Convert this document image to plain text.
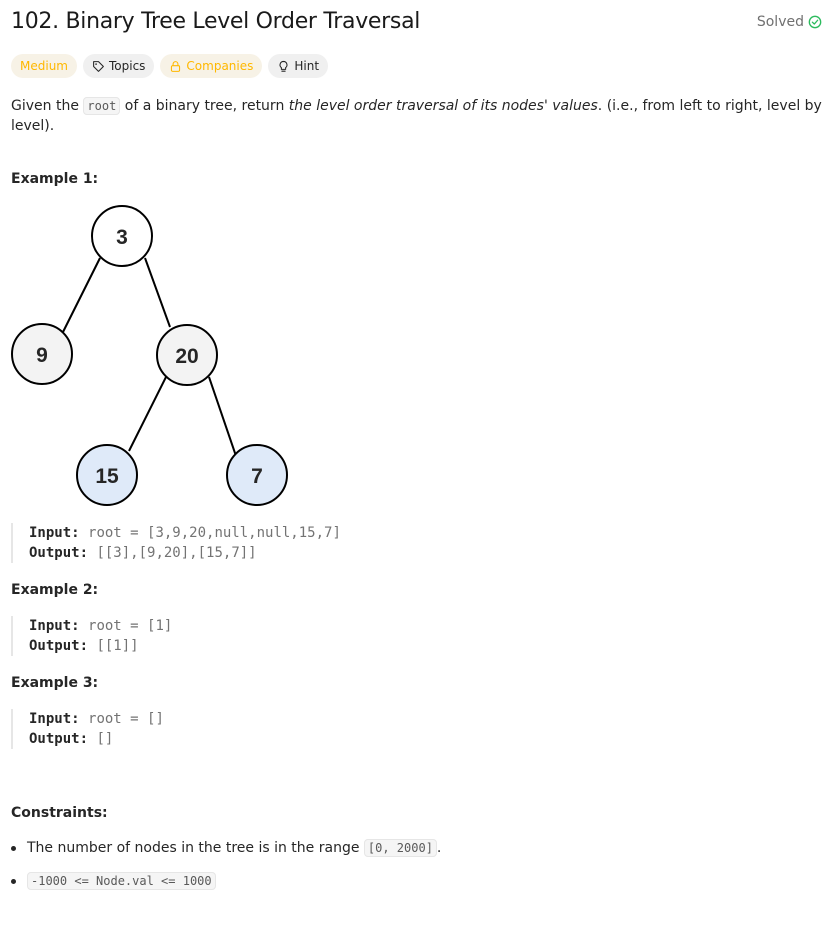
102. Binary Tree Level Order Traversal	Solved
Medium	Topics	Companies	Hint
Given the root of a binary tree, return the level order traversal of its nodes' values. (i.e., from left to right, level by level).
Example 1:
3
9	20
15	7
Input: root = [3,9,20,null,null,15,7]
Output: [[3],[9,20],[15,7]]
Example 2:
Input: root = [1]
Output: [[1]]
Example 3:
Input: root = []
Output: []
Constraints:
The number of nodes in the tree is in the range [0, 2000] .
-1000 <= Node.val <= 1000
